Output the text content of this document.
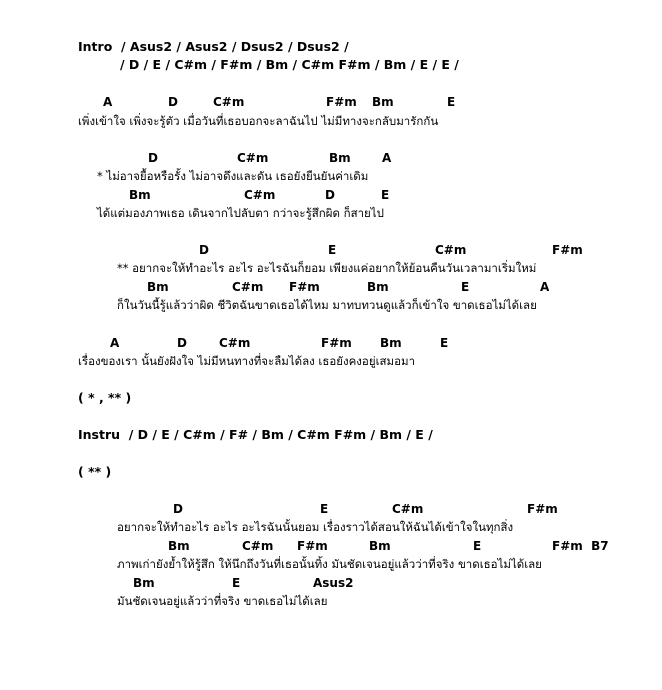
Intro  / Asus2 / Asus2 / Dsus2 / Dsus2 /

/ D / E / C#m / F#m / Bm / C#m F#m / Bm / E / E /

A

	D

	C#m

	F#m

Bm

	E

เพิ่งเข้าใจ เพิ่งจะรู้ตัว เมื่อวันที่เธอบอกจะลาฉันไป ไม่มีทางจะกลับมารักกัน

D

	C#m

	Bm

	A

* ไม่อาจยื้อหรือรั้ง ไม่อาจดึงและดัน เธอยังยืนยันค่าเดิม

Bm

	C#m

	D

	E

ได้แต่มองภาพเธอ เดินจากไปลับตา กว่าจะรู้สึกผิด ก็สายไป

D

	E

	C#m

	F#m

** อยากจะให้ทำอะไร อะไร อะไรฉันก็ยอม เพียงแค่อยากให้ย้อนคืนวันเวลามาเริ่มใหม่

Bm

	C#m

F#m

	Bm

	E

	A

ก็ในวันนี้รู้แล้วว่าผิด ชีวิตฉันขาดเธอได้ไหม มาทบทวนดูแล้วก็เข้าใจ ขาดเธอไม่ได้เลย

A

	D

	C#m

	F#m

Bm

	E

เรื่องของเรา นั้นยังฝังใจ ไม่มีหนทางที่จะลืมได้ลง เธอยังคงอยู่เสมอมา

( * , ** )

Instru  / D / E / C#m / F# / Bm / C#m F#m / Bm / E /

( ** )

D

	E

	C#m

	F#m

อยากจะให้ทำอะไร อะไร อะไรฉันนั้นยอม เรื่องราวได้สอนให้ฉันได้เข้าใจในทุกสิ่ง

Bm

	C#m

F#m

	Bm

	E

	F#m  B7

ภาพเก่ายังย้ำให้รู้สึก ให้นึกถึงวันที่เธอนั้นทิ้ง มันชัดเจนอยู่แล้วว่าที่จริง ขาดเธอไม่ได้เลย

Bm

	E

	Asus2

มันชัดเจนอยู่แล้วว่าที่จริง ขาดเธอไม่ได้เลย
